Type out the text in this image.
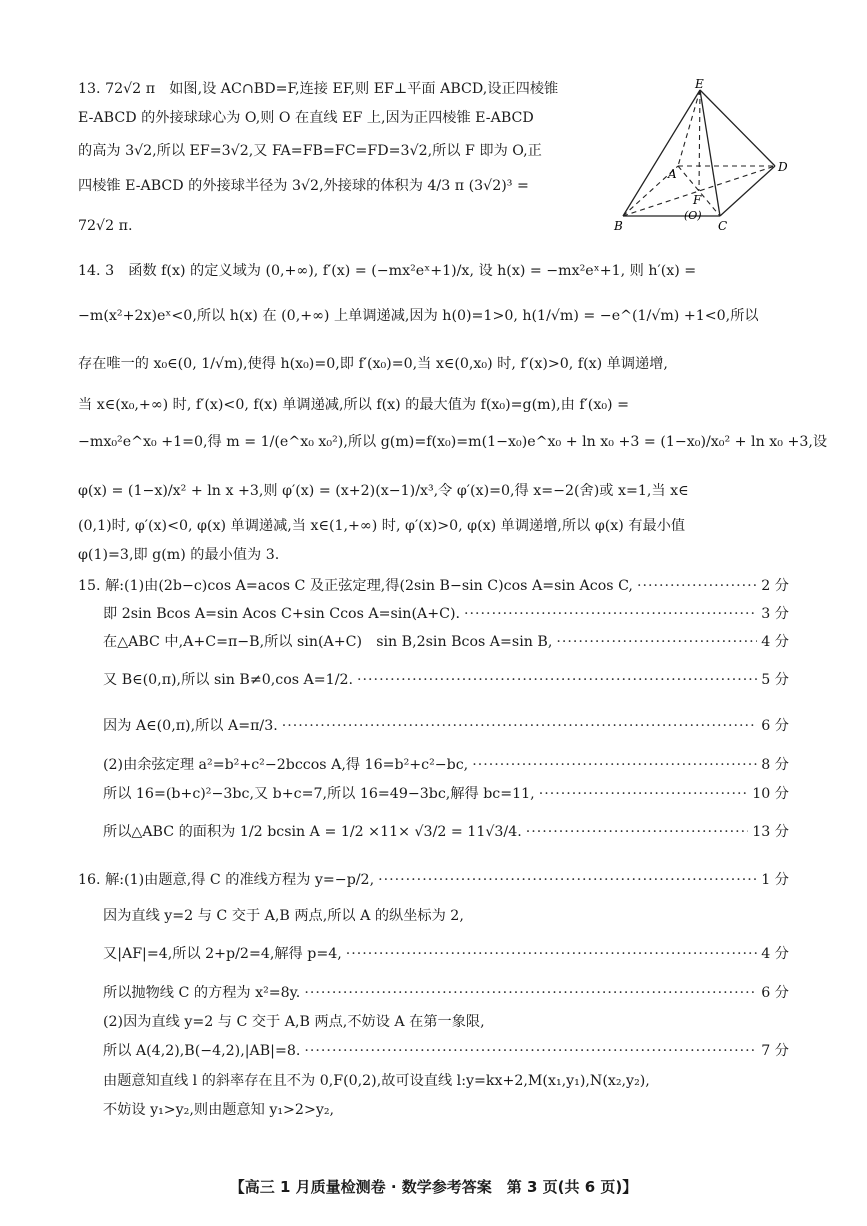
13. 72√2 π　如图,设 AC∩BD=F,连接 EF,则 EF⊥平面 ABCD,设正四棱锥
E-ABCD 的外接球球心为 O,则 O 在直线 EF 上,因为正四棱锥 E-ABCD
的高为 3√2,所以 EF=3√2,又 FA=FB=FC=FD=3√2,所以 F 即为 O,正
四棱锥 E-ABCD 的外接球半径为 3√2,外接球的体积为 4/3 π (3√2)³ =
72√2 π.
E
A
B	C
D
F
(O)
14. 3　函数 f(x) 的定义域为 (0,+∞), f′(x) = (−mx²eˣ+1)/x, 设 h(x) = −mx²eˣ+1, 则 h′(x) =
−m(x²+2x)eˣ<0,所以 h(x) 在 (0,+∞) 上单调递减,因为 h(0)=1>0, h(1/√m) = −e^(1/√m) +1<0,所以
存在唯一的 x₀∈(0, 1/√m),使得 h(x₀)=0,即 f′(x₀)=0,当 x∈(0,x₀) 时, f′(x)>0, f(x) 单调递增,
当 x∈(x₀,+∞) 时, f′(x)<0, f(x) 单调递减,所以 f(x) 的最大值为 f(x₀)=g(m),由 f′(x₀) =
−mx₀²e^x₀ +1=0,得 m = 1/(e^x₀ x₀²),所以 g(m)=f(x₀)=m(1−x₀)e^x₀ + ln x₀ +3 = (1−x₀)/x₀² + ln x₀ +3,设
φ(x) = (1−x)/x² + ln x +3,则 φ′(x) = (x+2)(x−1)/x³,令 φ′(x)=0,得 x=−2(舍)或 x=1,当 x∈
(0,1)时, φ′(x)<0, φ(x) 单调递减,当 x∈(1,+∞) 时, φ′(x)>0, φ(x) 单调递增,所以 φ(x) 有最小值
φ(1)=3,即 g(m) 的最小值为 3.
15. 解:(1)由(2b−c)cos A=acos C 及正弦定理,得(2sin B−sin C)cos A=sin Acos C, ·····	2 分
即 2sin Bcos A=sin Acos C+sin Ccos A=sin(A+C). ·····	3 分
在△ABC 中,A+C=π−B,所以 sin(A+C)　sin B,2sin Bcos A=sin B, ·····	4 分
又 B∈(0,π),所以 sin B≠0,cos A=1/2. ·····	5 分
因为 A∈(0,π),所以 A=π/3. ·····	6 分
(2)由余弦定理 a²=b²+c²−2bccos A,得 16=b²+c²−bc, ·····	8 分
所以 16=(b+c)²−3bc,又 b+c=7,所以 16=49−3bc,解得 bc=11, ·····	10 分
所以△ABC 的面积为 1/2 bcsin A = 1/2 ×11× √3/2 = 11√3/4. ·····	13 分
16. 解:(1)由题意,得 C 的准线方程为 y=−p/2, ·····	1 分
因为直线 y=2 与 C 交于 A,B 两点,所以 A 的纵坐标为 2,
又|AF|=4,所以 2+p/2=4,解得 p=4, ·····	4 分
所以抛物线 C 的方程为 x²=8y. ·····	6 分
(2)因为直线 y=2 与 C 交于 A,B 两点,不妨设 A 在第一象限,
所以 A(4,2),B(−4,2),|AB|=8. ·····	7 分
由题意知直线 l 的斜率存在且不为 0,F(0,2),故可设直线 l:y=kx+2,M(x₁,y₁),N(x₂,y₂),
不妨设 y₁>y₂,则由题意知 y₁>2>y₂,
【高三 1 月质量检测卷 · 数学参考答案　第 3 页(共 6 页)】
